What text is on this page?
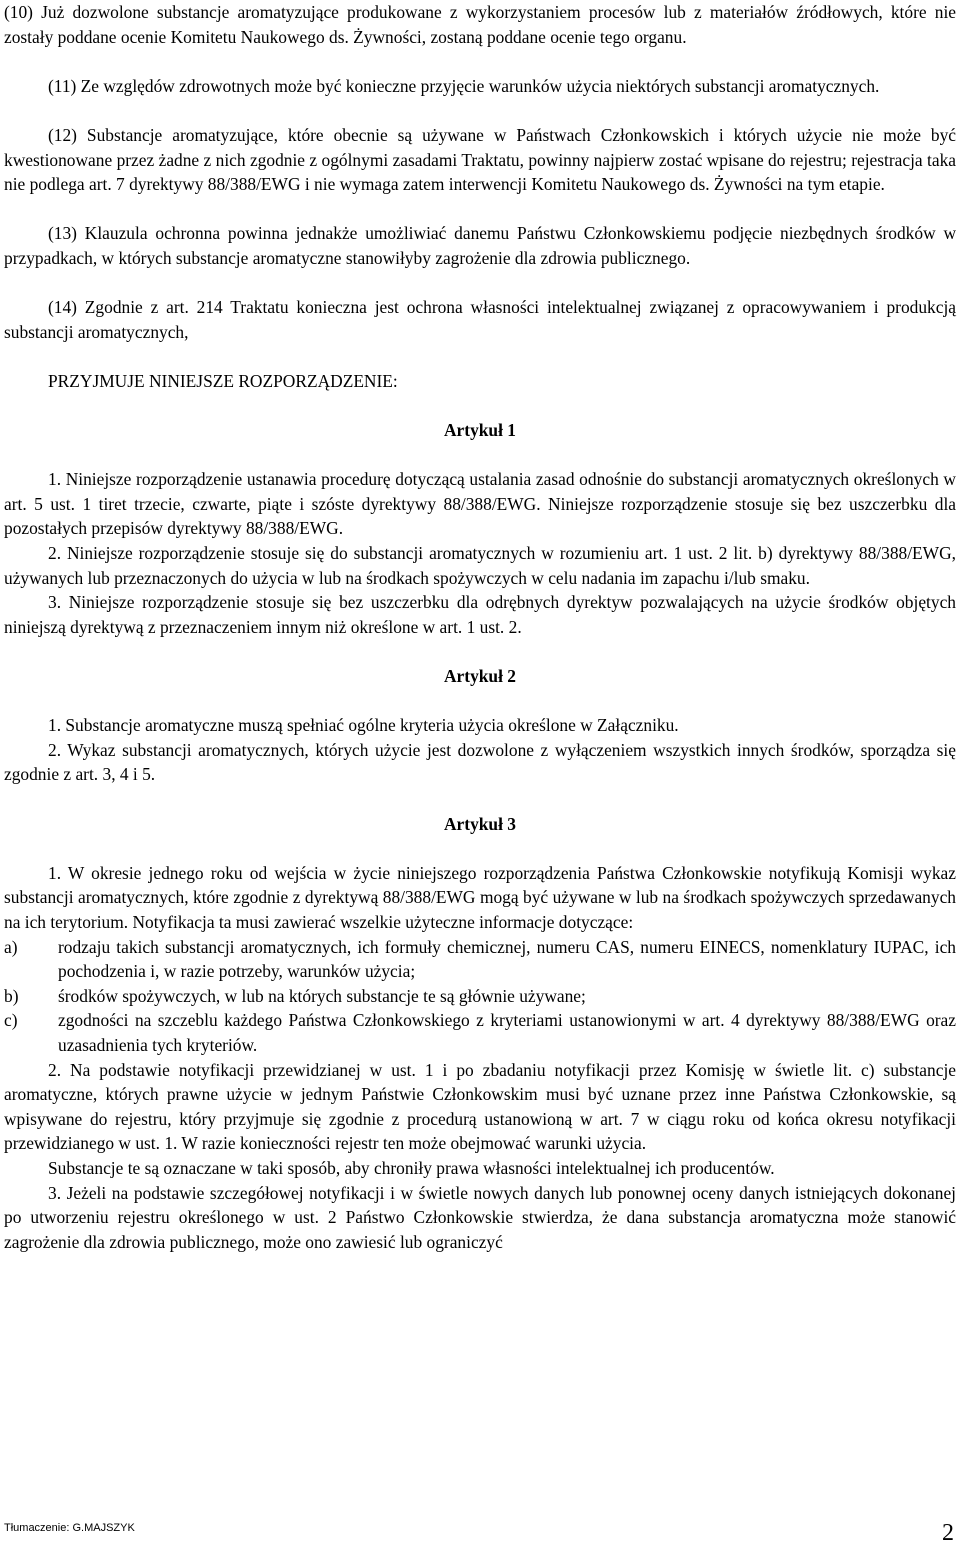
(10) Już dozwolone substancje aromatyzujące produkowane z wykorzystaniem procesów lub z materiałów źródłowych, które nie zostały poddane ocenie Komitetu Naukowego ds. Żywności, zostaną poddane ocenie tego organu.

(11) Ze względów zdrowotnych może być konieczne przyjęcie warunków użycia niektórych substancji aromatycznych.

(12) Substancje aromatyzujące, które obecnie są używane w Państwach Członkowskich i których użycie nie może być kwestionowane przez żadne z nich zgodnie z ogólnymi zasadami Traktatu, powinny najpierw zostać wpisane do rejestru; rejestracja taka nie podlega art. 7 dyrektywy 88/388/EWG i nie wymaga zatem interwencji Komitetu Naukowego ds. Żywności na tym etapie.

(13) Klauzula ochronna powinna jednakże umożliwiać danemu Państwu Członkowskiemu podjęcie niezbędnych środków w przypadkach, w których substancje aromatyczne stanowiłyby zagrożenie dla zdrowia publicznego.

(14) Zgodnie z art. 214 Traktatu konieczna jest ochrona własności intelektualnej związanej z opracowywaniem i produkcją substancji aromatycznych,

PRZYJMUJE NINIEJSZE ROZPORZĄDZENIE:

Artykuł 1

1. Niniejsze rozporządzenie ustanawia procedurę dotyczącą ustalania zasad odnośnie do substancji aromatycznych określonych w art. 5 ust. 1 tiret trzecie, czwarte, piąte i szóste dyrektywy 88/388/EWG. Niniejsze rozporządzenie stosuje się bez uszczerbku dla pozostałych przepisów dyrektywy 88/388/EWG.

2. Niniejsze rozporządzenie stosuje się do substancji aromatycznych w rozumieniu art. 1 ust. 2 lit. b) dyrektywy 88/388/EWG, używanych lub przeznaczonych do użycia w lub na środkach spożywczych w celu nadania im zapachu i/lub smaku.

3. Niniejsze rozporządzenie stosuje się bez uszczerbku dla odrębnych dyrektyw pozwalających na użycie środków objętych niniejszą dyrektywą z przeznaczeniem innym niż określone w art. 1 ust. 2.

Artykuł 2

1. Substancje aromatyczne muszą spełniać ogólne kryteria użycia określone w Załączniku.

2. Wykaz substancji aromatycznych, których użycie jest dozwolone z wyłączeniem wszystkich innych środków, sporządza się zgodnie z art. 3, 4 i 5.

Artykuł 3

1. W okresie jednego roku od wejścia w życie niniejszego rozporządzenia Państwa Członkowskie notyfikują Komisji wykaz substancji aromatycznych, które zgodnie z dyrektywą 88/388/EWG mogą być używane w lub na środkach spożywczych sprzedawanych na ich terytorium. Notyfikacja ta musi zawierać wszelkie użyteczne informacje dotyczące:

a)	rodzaju takich substancji aromatycznych, ich formuły chemicznej, numeru CAS, numeru EINECS, nomenklatury IUPAC, ich pochodzenia i, w razie potrzeby, warunków użycia;
b)	środków spożywczych, w lub na których substancje te są głównie używane;
c)	zgodności na szczeblu każdego Państwa Członkowskiego z kryteriami ustanowionymi w art. 4 dyrektywy 88/388/EWG oraz uzasadnienia tych kryteriów.

2. Na podstawie notyfikacji przewidzianej w ust. 1 i po zbadaniu notyfikacji przez Komisję w świetle lit. c) substancje aromatyczne, których prawne użycie w jednym Państwie Członkowskim musi być uznane przez inne Państwa Członkowskie, są wpisywane do rejestru, który przyjmuje się zgodnie z procedurą ustanowioną w art. 7 w ciągu roku od końca okresu notyfikacji przewidzianego w ust. 1. W razie konieczności rejestr ten może obejmować warunki użycia.

Substancje te są oznaczane w taki sposób, aby chroniły prawa własności intelektualnej ich producentów.

3. Jeżeli na podstawie szczegółowej notyfikacji i w świetle nowych danych lub ponownej oceny danych istniejących dokonanej po utworzeniu rejestru określonego w ust. 2 Państwo Członkowskie stwierdza, że dana substancja aromatyczna może stanowić zagrożenie dla zdrowia publicznego, może ono zawiesić lub ograniczyć

Tłumaczenie: G.MAJSZYK	2
